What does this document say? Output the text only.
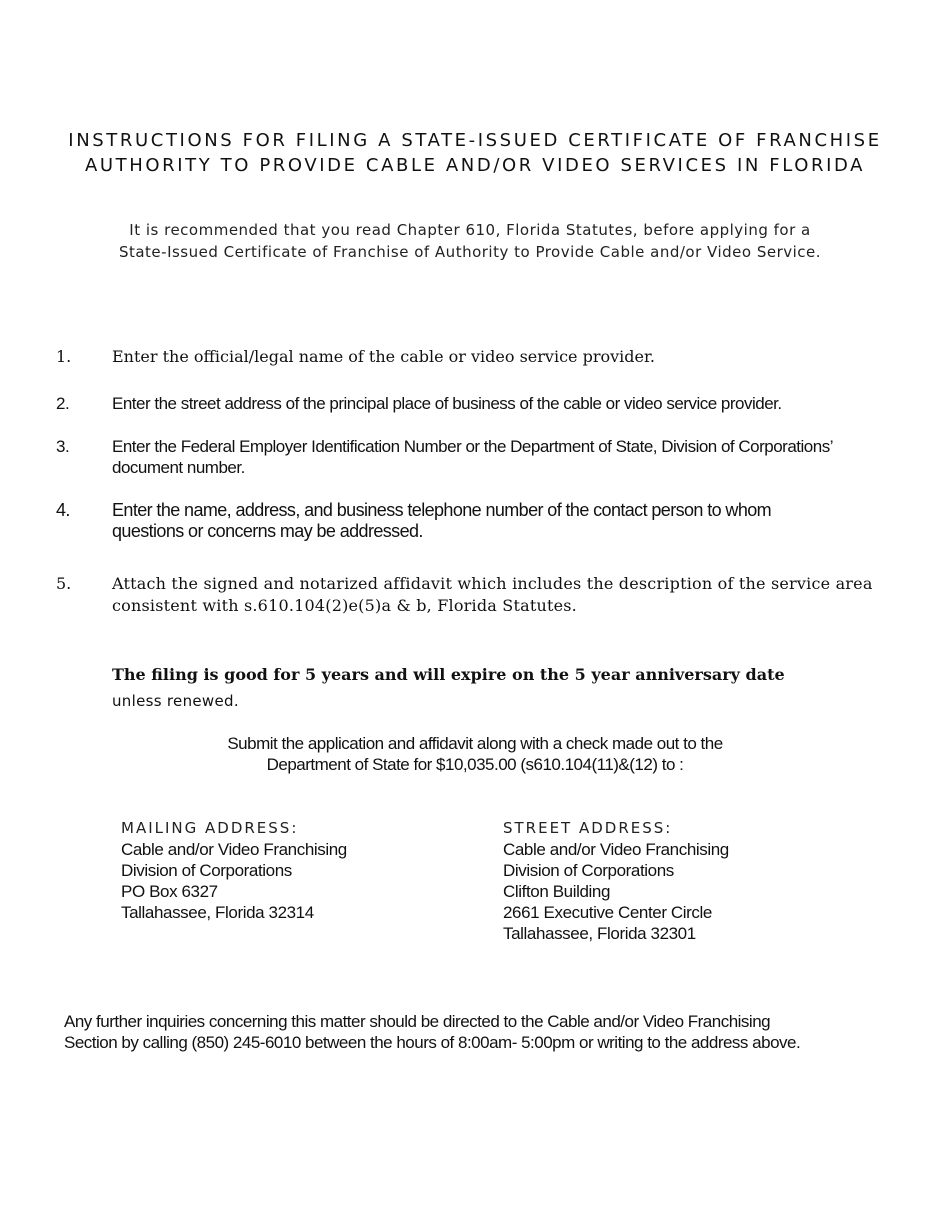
INSTRUCTIONS FOR FILING A STATE-ISSUED CERTIFICATE OF FRANCHISE
AUTHORITY TO PROVIDE CABLE AND/OR VIDEO SERVICES IN FLORIDA
It is recommended that you read Chapter 610, Florida Statutes, before applying for a
State-Issued Certificate of Franchise of Authority to Provide Cable and/or Video Service.
1.	Enter the official/legal name of the cable or video service provider.
2.	Enter the street address of the principal place of business of the cable or video service provider.
3.	Enter the Federal Employer Identification Number or the Department of State, Division of Corporations’
document number.
4. Enter the name, address, and business telephone number of the contact person to whom
questions or concerns may be addressed.
5.	Attach the signed and notarized affidavit which includes the description of the service area
consistent with s.610.104(2)e(5)a & b, Florida Statutes.
The filing is good for 5 years and will expire on the 5 year anniversary date
unless renewed.
Submit the application and affidavit along with a check made out to the
Department of State for $10,035.00 (s610.104(11)&(12) to :
MAILING ADDRESS:
Cable and/or Video Franchising
Division of Corporations
PO Box 6327
Tallahassee, Florida 32314
STREET ADDRESS:
Cable and/or Video Franchising
Division of Corporations
Clifton Building
2661 Executive Center Circle
Tallahassee, Florida 32301
Any further inquiries concerning this matter should be directed to the Cable and/or Video Franchising
Section by calling (850) 245-6010 between the hours of 8:00am- 5:00pm or writing to the address above.
